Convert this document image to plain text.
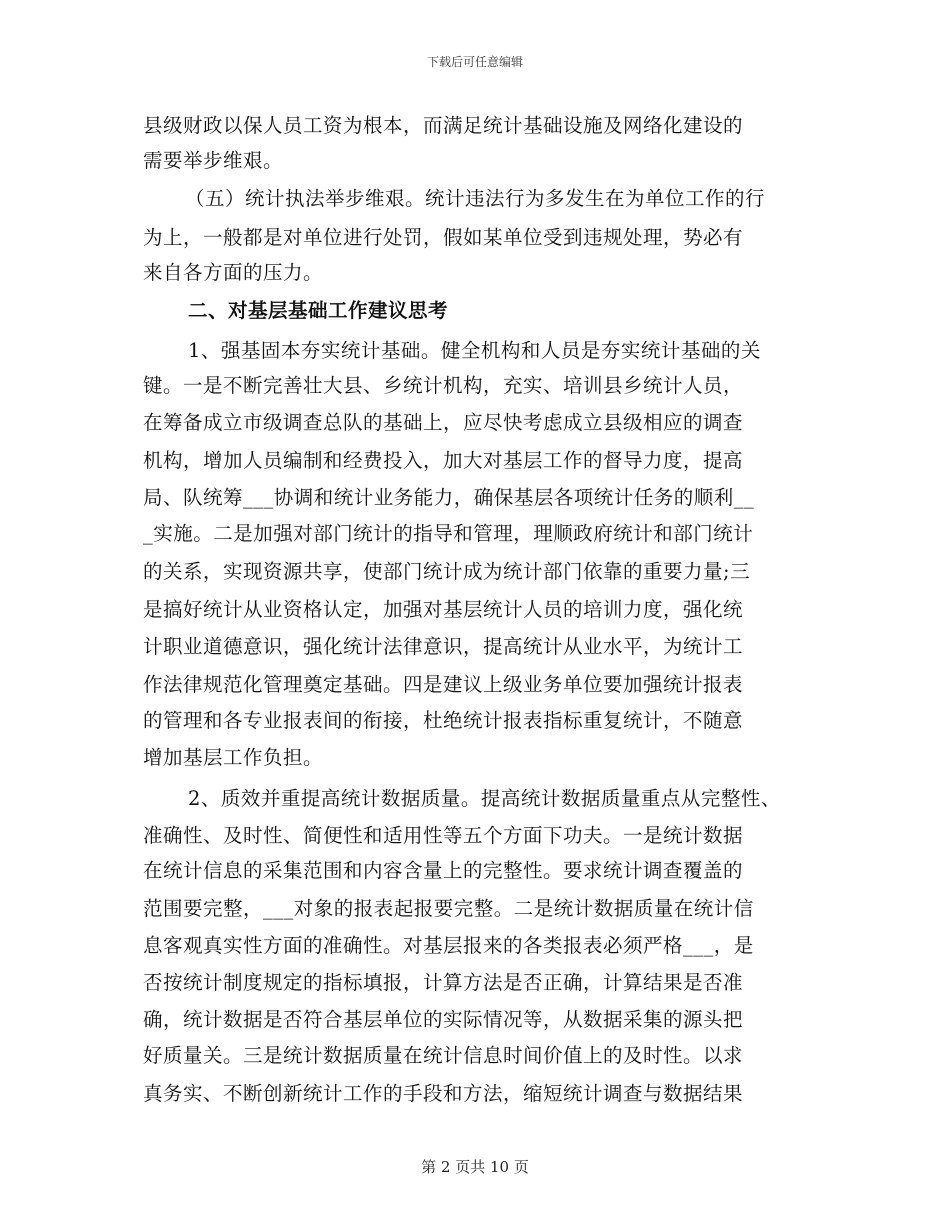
下载后可任意编辑
县级财政以保人员工资为根本，而满足统计基础设施及网络化建设的
需要举步维艰。
（五）统计执法举步维艰。统计违法行为多发生在为单位工作的行
为上，一般都是对单位进行处罚，假如某单位受到违规处理，势必有
来自各方面的压力。
二、对基层基础工作建议思考
1、强基固本夯实统计基础。健全机构和人员是夯实统计基础的关
键。一是不断完善壮大县、乡统计机构，充实、培训县乡统计人员，
在筹备成立市级调查总队的基础上，应尽快考虑成立县级相应的调查
机构，增加人员编制和经费投入，加大对基层工作的督导力度，提高
局、队统筹___协调和统计业务能力，确保基层各项统计任务的顺利__
_实施。二是加强对部门统计的指导和管理，理顺政府统计和部门统计
的关系，实现资源共享，使部门统计成为统计部门依靠的重要力量;三
是搞好统计从业资格认定，加强对基层统计人员的培训力度，强化统
计职业道德意识，强化统计法律意识，提高统计从业水平，为统计工
作法律规范化管理奠定基础。四是建议上级业务单位要加强统计报表
的管理和各专业报表间的衔接，杜绝统计报表指标重复统计，不随意
增加基层工作负担。
2、质效并重提高统计数据质量。提高统计数据质量重点从完整性、
准确性、及时性、简便性和适用性等五个方面下功夫。一是统计数据
在统计信息的采集范围和内容含量上的完整性。要求统计调查覆盖的
范围要完整，___对象的报表起报要完整。二是统计数据质量在统计信
息客观真实性方面的准确性。对基层报来的各类报表必须严格___，是
否按统计制度规定的指标填报，计算方法是否正确，计算结果是否准
确，统计数据是否符合基层单位的实际情况等，从数据采集的源头把
好质量关。三是统计数据质量在统计信息时间价值上的及时性。以求
真务实、不断创新统计工作的手段和方法，缩短统计调查与数据结果
第 2 页共 10 页
